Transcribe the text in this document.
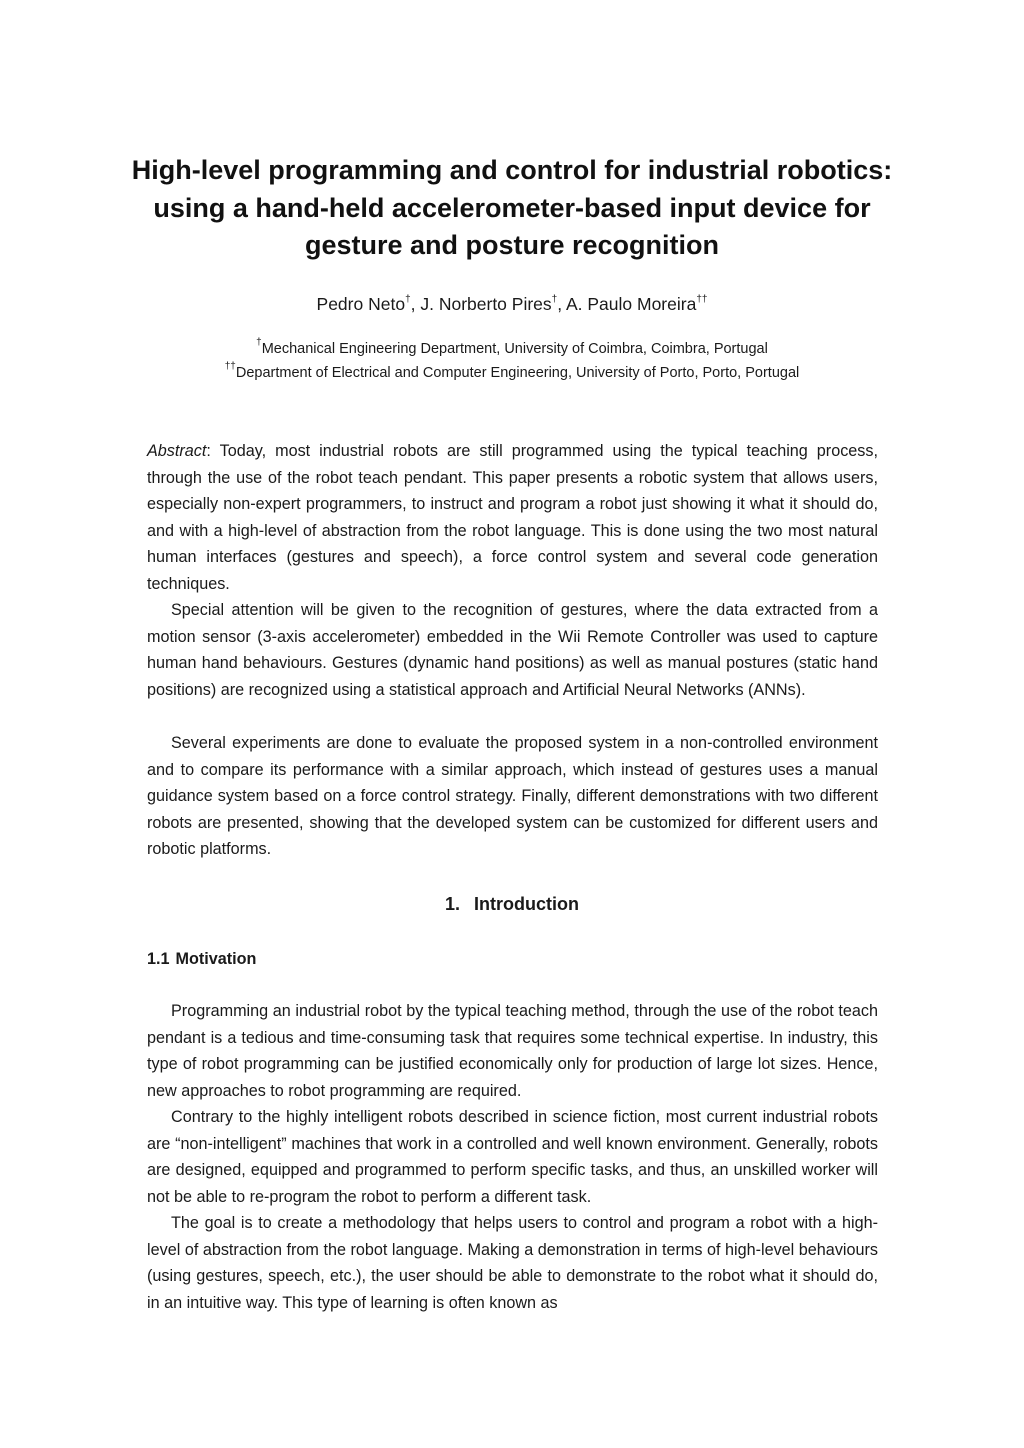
High-level programming and control for industrial robotics: using a hand-held accelerometer-based input device for gesture and posture recognition

Pedro Neto†, J. Norberto Pires†, A. Paulo Moreira††

†Mechanical Engineering Department, University of Coimbra, Coimbra, Portugal

††Department of Electrical and Computer Engineering, University of Porto, Porto, Portugal

Abstract: Today, most industrial robots are still programmed using the typical teaching process, through the use of the robot teach pendant. This paper presents a robotic system that allows users, especially non-expert programmers, to instruct and program a robot just showing it what it should do, and with a high-level of abstraction from the robot language. This is done using the two most natural human interfaces (gestures and speech), a force control system and several code generation techniques.

Special attention will be given to the recognition of gestures, where the data extracted from a motion sensor (3-axis accelerometer) embedded in the Wii Remote Controller was used to capture human hand behaviours. Gestures (dynamic hand positions) as well as manual postures (static hand positions) are recognized using a statistical approach and Artificial Neural Networks (ANNs).

Several experiments are done to evaluate the proposed system in a non-controlled environment and to compare its performance with a similar approach, which instead of gestures uses a manual guidance system based on a force control strategy. Finally, different demonstrations with two different robots are presented, showing that the developed system can be customized for different users and robotic platforms.

1. Introduction
1.1 Motivation

Programming an industrial robot by the typical teaching method, through the use of the robot teach pendant is a tedious and time-consuming task that requires some technical expertise. In industry, this type of robot programming can be justified economically only for production of large lot sizes. Hence, new approaches to robot programming are required.

Contrary to the highly intelligent robots described in science fiction, most current industrial robots are “non-intelligent” machines that work in a controlled and well known environment. Generally, robots are designed, equipped and programmed to perform specific tasks, and thus, an unskilled worker will not be able to re-program the robot to perform a different task.

The goal is to create a methodology that helps users to control and program a robot with a high-level of abstraction from the robot language. Making a demonstration in terms of high-level behaviours (using gestures, speech, etc.), the user should be able to demonstrate to the robot what it should do, in an intuitive way. This type of learning is often known as
